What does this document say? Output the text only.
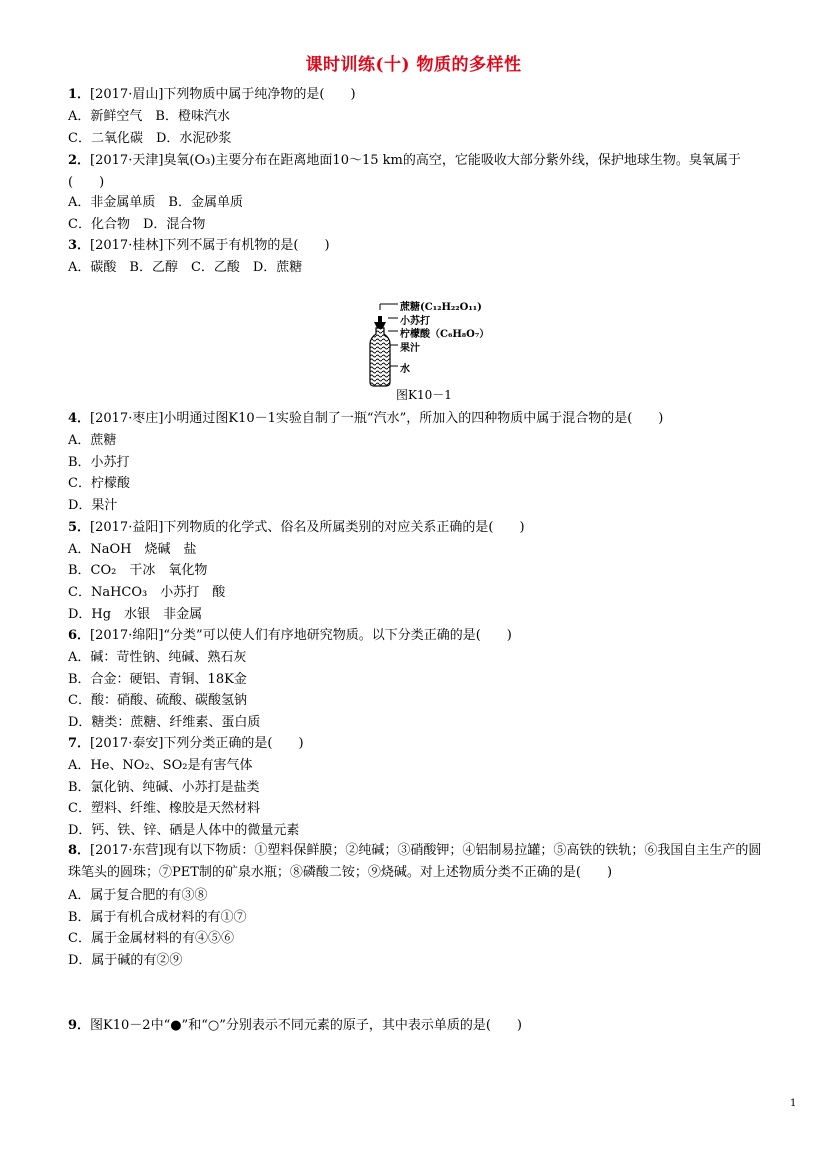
课时训练(十) 物质的多样性
1．[2017·眉山]下列物质中属于纯净物的是(　　)
A．新鲜空气　B．橙味汽水
C．二氧化碳　D．水泥砂浆
2．[2017·天津]臭氧(O₃)主要分布在距离地面10～15 km的高空，它能吸收大部分紫外线，保护地球生物。臭氧属于(　　)
A．非金属单质　B．金属单质
C．化合物　D．混合物
3．[2017·桂林]下列不属于有机物的是(　　)
A．碳酸　B．乙醇　C．乙酸　D．蔗糖
蔗糖(C₁₂H₂₂O₁₁)
小苏打
柠檬酸（C₆H₈O₇）
果汁
水
图K10－1
4．[2017·枣庄]小明通过图K10－1实验自制了一瓶“汽水”，所加入的四种物质中属于混合物的是(　　)
A．蔗糖
B．小苏打
C．柠檬酸
D．果汁
5．[2017·益阳]下列物质的化学式、俗名及所属类别的对应关系正确的是(　　)
A．NaOH　烧碱　盐
B．CO₂　干冰　氧化物
C．NaHCO₃　小苏打　酸
D．Hg　水银　非金属
6．[2017·绵阳]“分类”可以使人们有序地研究物质。以下分类正确的是(　　)
A．碱：苛性钠、纯碱、熟石灰
B．合金：硬铝、青铜、18K金
C．酸：硝酸、硫酸、碳酸氢钠
D．糖类：蔗糖、纤维素、蛋白质
7．[2017·泰安]下列分类正确的是(　　)
A．He、NO₂、SO₂是有害气体
B．氯化钠、纯碱、小苏打是盐类
C．塑料、纤维、橡胶是天然材料
D．钙、铁、锌、硒是人体中的微量元素
8．[2017·东营]现有以下物质：①塑料保鲜膜；②纯碱；③硝酸钾；④铝制易拉罐；⑤高铁的铁轨；⑥我国自主生产的圆珠笔头的圆珠；⑦PET制的矿泉水瓶；⑧磷酸二铵；⑨烧碱。对上述物质分类不正确的是(　　)
A．属于复合肥的有③⑧
B．属于有机合成材料的有①⑦
C．属于金属材料的有④⑤⑥
D．属于碱的有②⑨
9．图K10－2中“●”和“○”分别表示不同元素的原子，其中表示单质的是(　　)
1
